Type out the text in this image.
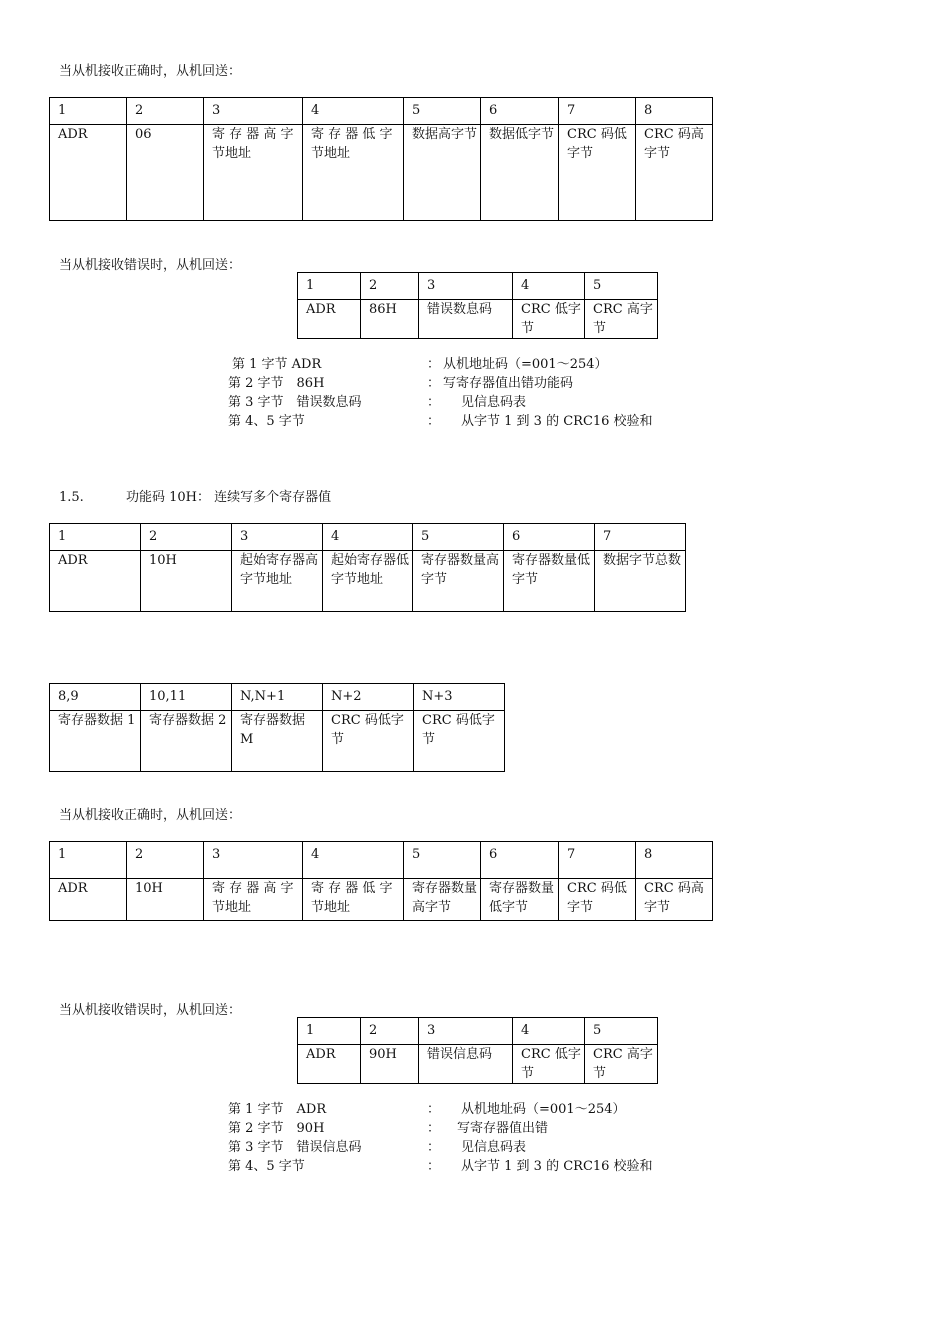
当从机接收正确时，从机回送：
1	2	3	4	5	6	7	8
ADR	06	寄 存 器 高 字 节地址	寄 存 器 低 字 节地址	数据高字节	数据低字节	CRC 码低字节	CRC 码高字节
当从机接收错误时，从机回送：
1	2	3	4	5
ADR	86H	错误数息码	CRC 低字节	CRC 高字节
第 1 字节 ADR	： 从机地址码（=001～254）
第 2 字节　86H	： 写寄存器值出错功能码
第 3 字节　错误数息码	： 见信息码表
第 4、5 字节	： 从字节 1 到 3 的 CRC16 校验和
1.5.	功能码 10H： 连续写多个寄存器值
1	2	3	4	5	6	7
ADR	10H	起始寄存器高字节地址	起始寄存器低字节地址	寄存器数量高字节	寄存器数量低字节	数据字节总数
8,9	10,11	N,N+1	N+2	N+3
寄存器数据 1	寄存器数据 2	寄存器数据 M	CRC 码低字节	CRC 码低字节
当从机接收正确时，从机回送：
1	2	3	4	5	6	7	8
ADR	10H	寄 存 器 高 字 节地址	寄 存 器 低 字 节地址	寄存器数量高字节	寄存器数量低字节	CRC 码低字节	CRC 码高字节
当从机接收错误时，从机回送：
1	2	3	4	5
ADR	90H	错误信息码	CRC 低字节	CRC 高字节
第 1 字节　ADR	： 从机地址码（=001～254）
第 2 字节　90H	： 写寄存器值出错
第 3 字节　错误信息码	： 见信息码表
第 4、5 字节	： 从字节 1 到 3 的 CRC16 校验和
